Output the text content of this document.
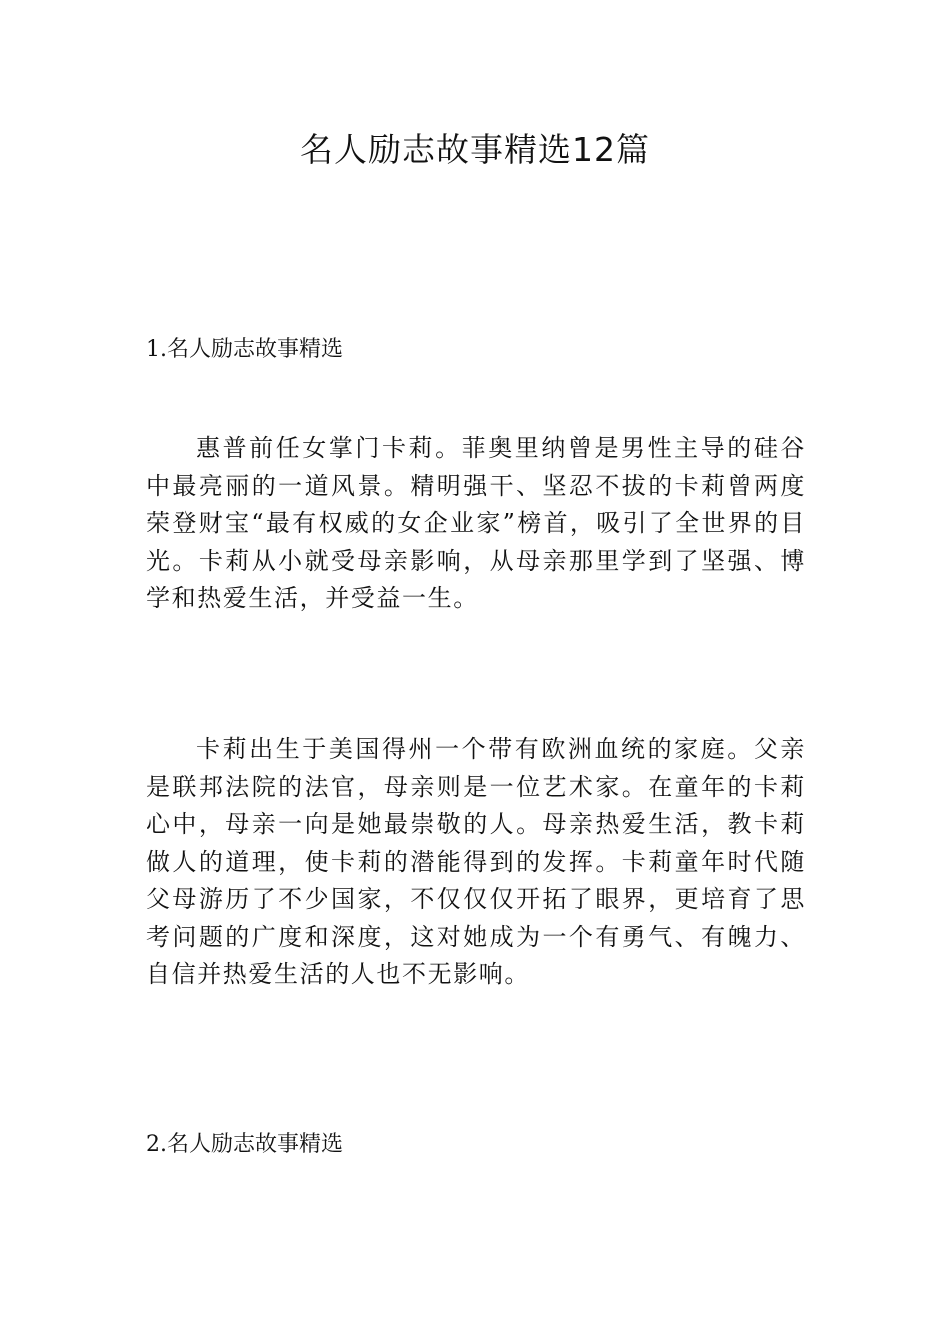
名人励志故事精选12篇
1.名人励志故事精选

惠普前任女掌门卡莉。菲奥里纳曾是男性主导的硅谷中最亮丽的一道风景。精明强干、坚忍不拔的卡莉曾两度荣登财宝“最有权威的女企业家”榜首，吸引了全世界的目光。卡莉从小就受母亲影响，从母亲那里学到了坚强、博学和热爱生活，并受益一生。

卡莉出生于美国得州一个带有欧洲血统的家庭。父亲是联邦法院的法官，母亲则是一位艺术家。在童年的卡莉心中，母亲一向是她最崇敬的人。母亲热爱生活，教卡莉做人的道理，使卡莉的潜能得到的发挥。卡莉童年时代随父母游历了不少国家，不仅仅仅开拓了眼界，更培育了思考问题的广度和深度，这对她成为一个有勇气、有魄力、自信并热爱生活的人也不无影响。

2.名人励志故事精选
